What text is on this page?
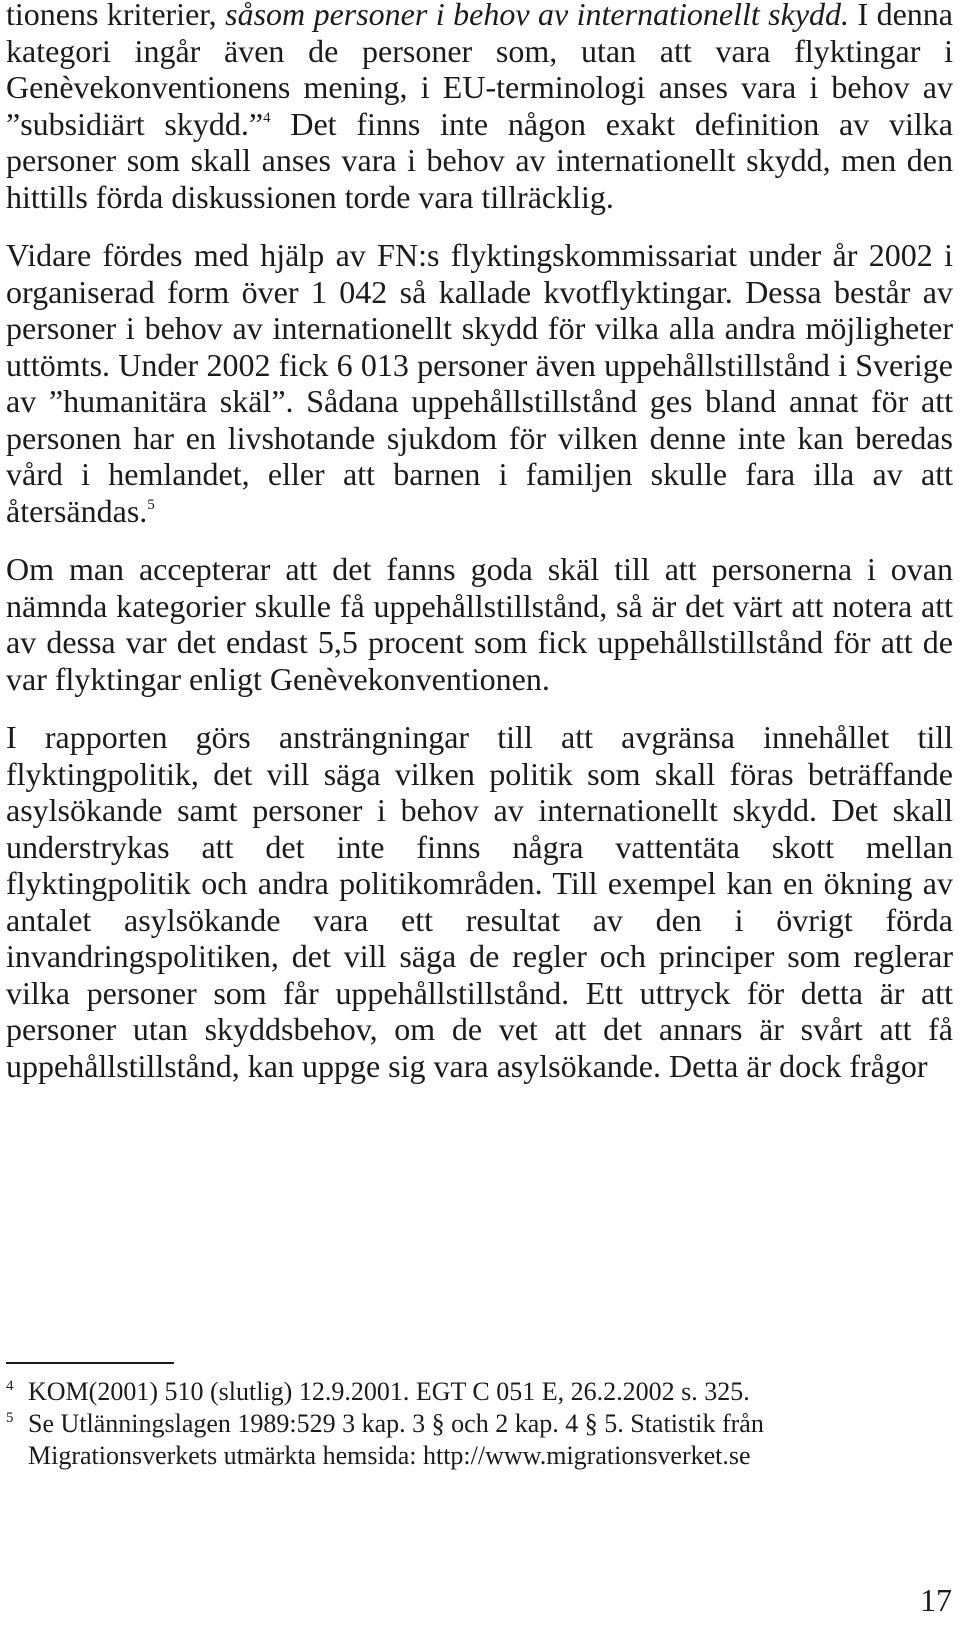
tionens kriterier, såsom personer i behov av internationellt skydd. I denna kategori ingår även de personer som, utan att vara flyktingar i Genèvekonventionens mening, i EU-terminologi anses vara i behov av ”subsidiärt skydd.”$^4$ Det finns inte någon exakt definition av vilka personer som skall anses vara i behov av internationellt skydd, men den hittills förda diskussionen torde vara tillräcklig.

Vidare fördes med hjälp av FN:s flyktingskommissariat under år 2002 i organiserad form över 1 042 så kallade kvotflyktingar. Dessa består av personer i behov av internationellt skydd för vilka alla andra möjligheter uttömts. Under 2002 fick 6 013 personer även uppehållstillstånd i Sverige av ”humanitära skäl”. Sådana uppehållstillstånd ges bland annat för att personen har en livshotande sjukdom för vilken denne inte kan beredas vård i hemlandet, eller att barnen i familjen skulle fara illa av att återsändas.$^5$

Om man accepterar att det fanns goda skäl till att personerna i ovan nämnda kategorier skulle få uppehållstillstånd, så är det värt att notera att av dessa var det endast 5,5 procent som fick uppehållstillstånd för att de var flyktingar enligt Genèvekonventionen.

I rapporten görs ansträngningar till att avgränsa innehållet till flyktingpolitik, det vill säga vilken politik som skall föras beträffande asylsökande samt personer i behov av internationellt skydd. Det skall understrykas att det inte finns några vattentäta skott mellan flyktingpolitik och andra politikområden. Till exempel kan en ökning av antalet asylsökande vara ett resultat av den i övrigt förda invandringspolitiken, det vill säga de regler och principer som reglerar vilka personer som får uppehållstillstånd. Ett uttryck för detta är att personer utan skyddsbehov, om de vet att det annars är svårt att få uppehållstillstånd, kan uppge sig vara asylsökande. Detta är dock frågor

4 KOM(2001) 510 (slutlig) 12.9.2001. EGT C 051 E, 26.2.2002 s. 325.
5 Se Utlänningslagen 1989:529 3 kap. 3 § och 2 kap. 4 § 5. Statistik från Migrationsverkets utmärkta hemsida: http://www.migrationsverket.se
17
